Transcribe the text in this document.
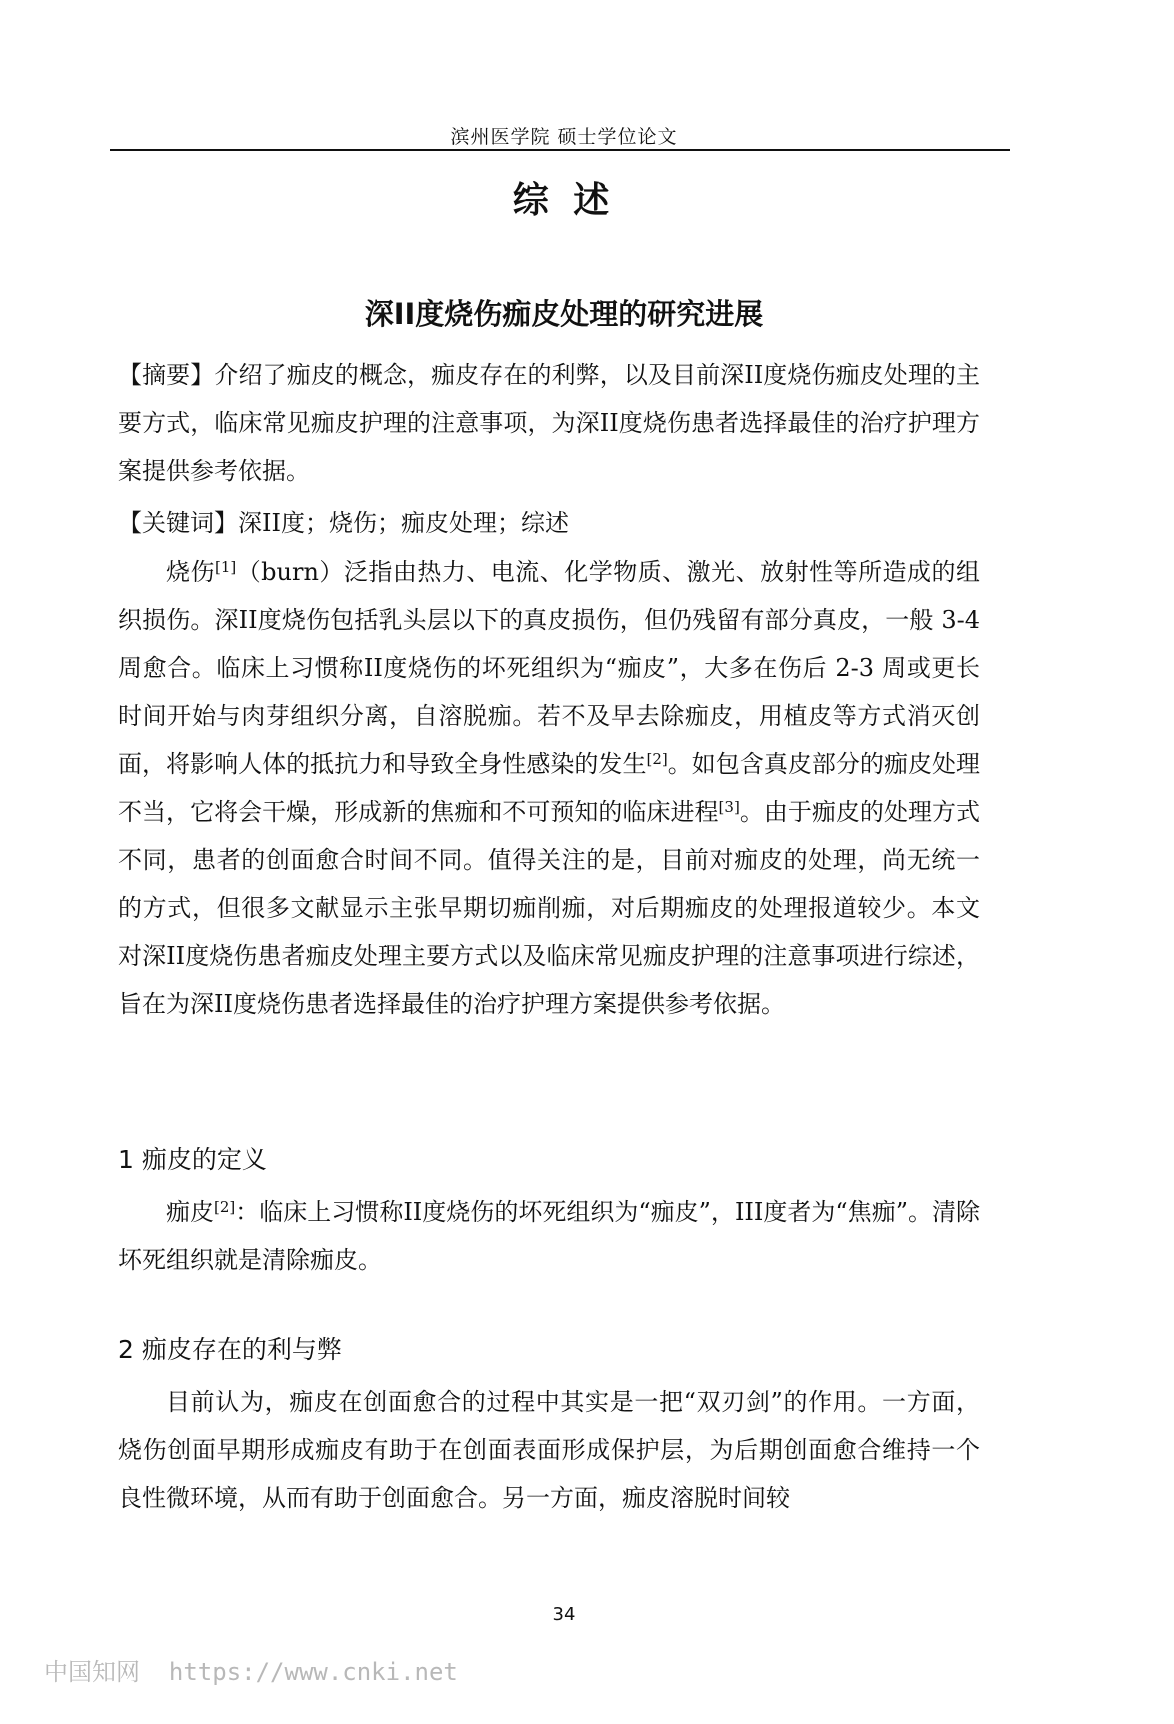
滨州医学院 硕士学位论文
综 述
深II度烧伤痂皮处理的研究进展
【摘要】介绍了痂皮的概念，痂皮存在的利弊，以及目前深II度烧伤痂皮处理的主要方式，临床常见痂皮护理的注意事项，为深II度烧伤患者选择最佳的治疗护理方案提供参考依据。
【关键词】深II度；烧伤；痂皮处理；综述
烧伤[1]（burn）泛指由热力、电流、化学物质、激光、放射性等所造成的组织损伤。深II度烧伤包括乳头层以下的真皮损伤，但仍残留有部分真皮，一般 3-4 周愈合。临床上习惯称II度烧伤的坏死组织为“痂皮”，大多在伤后 2-3 周或更长时间开始与肉芽组织分离，自溶脱痂。若不及早去除痂皮，用植皮等方式消灭创面，将影响人体的抵抗力和导致全身性感染的发生[2]。如包含真皮部分的痂皮处理不当，它将会干燥，形成新的焦痂和不可预知的临床进程[3]。由于痂皮的处理方式不同，患者的创面愈合时间不同。值得关注的是，目前对痂皮的处理，尚无统一的方式，但很多文献显示主张早期切痂削痂，对后期痂皮的处理报道较少。本文对深II度烧伤患者痂皮处理主要方式以及临床常见痂皮护理的注意事项进行综述，旨在为深II度烧伤患者选择最佳的治疗护理方案提供参考依据。
1 痂皮的定义
痂皮[2]：临床上习惯称II度烧伤的坏死组织为“痂皮”，III度者为“焦痂”。清除坏死组织就是清除痂皮。
2 痂皮存在的利与弊
目前认为，痂皮在创面愈合的过程中其实是一把“双刃剑”的作用。一方面，烧伤创面早期形成痂皮有助于在创面表面形成保护层，为后期创面愈合维持一个良性微环境，从而有助于创面愈合。另一方面，痂皮溶脱时间较
34
中国知网  https://www.cnki.net
